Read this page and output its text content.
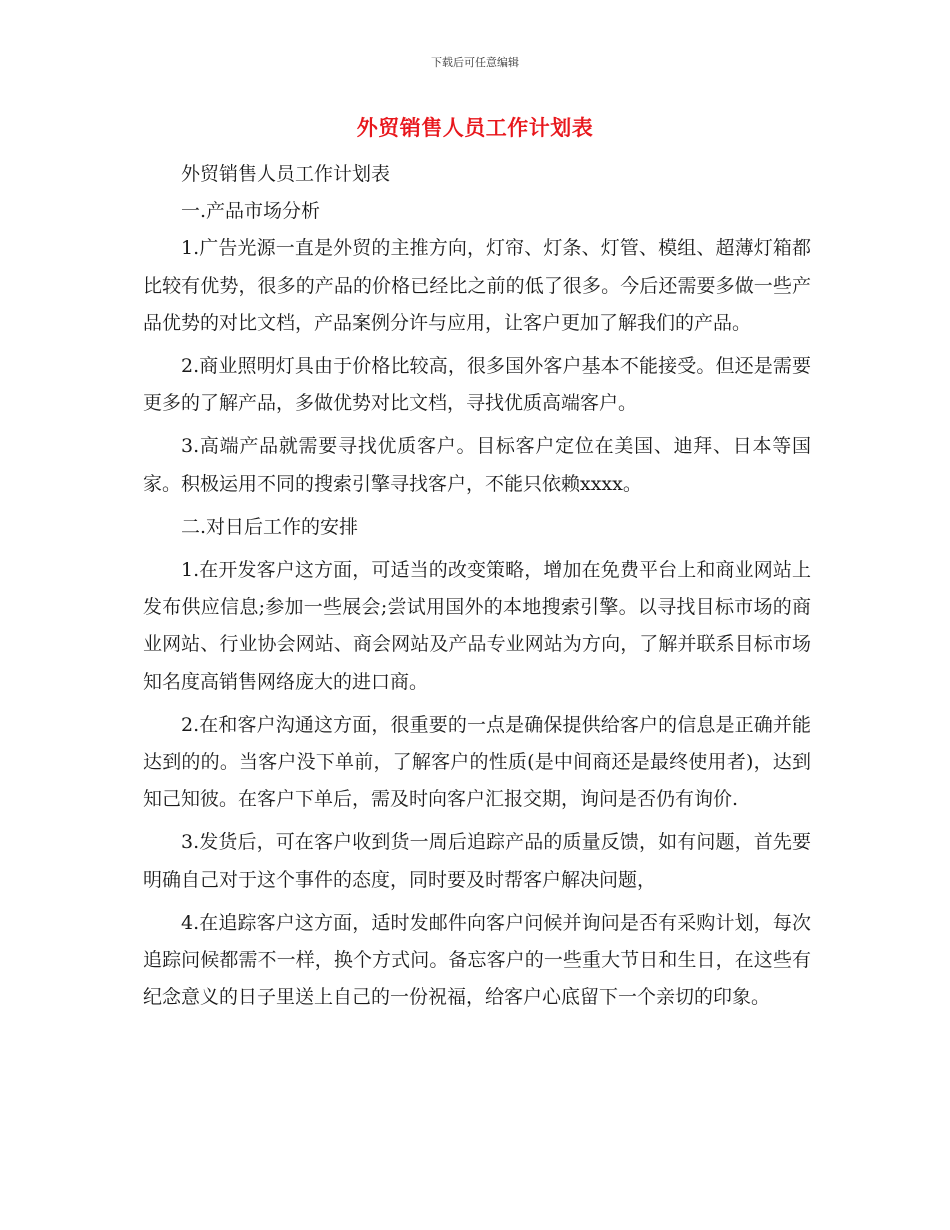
下载后可任意编辑
外贸销售人员工作计划表

外贸销售人员工作计划表

一.产品市场分析

1.广告光源一直是外贸的主推方向，灯帘、灯条、灯管、模组、超薄灯箱都比较有优势，很多的产品的价格已经比之前的低了很多。今后还需要多做一些产品优势的对比文档，产品案例分许与应用，让客户更加了解我们的产品。

2.商业照明灯具由于价格比较高，很多国外客户基本不能接受。但还是需要更多的了解产品，多做优势对比文档，寻找优质高端客户。

3.高端产品就需要寻找优质客户。目标客户定位在美国、迪拜、日本等国家。积极运用不同的搜索引擎寻找客户，不能只依赖xxxx。

二.对日后工作的安排

1.在开发客户这方面，可适当的改变策略，增加在免费平台上和商业网站上发布供应信息;参加一些展会;尝试用国外的本地搜索引擎。以寻找目标市场的商业网站、行业协会网站、商会网站及产品专业网站为方向，了解并联系目标市场知名度高销售网络庞大的进口商。

2.在和客户沟通这方面，很重要的一点是确保提供给客户的信息是正确并能达到的的。当客户没下单前，了解客户的性质(是中间商还是最终使用者)，达到知己知彼。在客户下单后，需及时向客户汇报交期，询问是否仍有询价.

3.发货后，可在客户收到货一周后追踪产品的质量反馈，如有问题，首先要明确自己对于这个事件的态度，同时要及时帮客户解决问题，

4.在追踪客户这方面，适时发邮件向客户问候并询问是否有采购计划，每次追踪问候都需不一样，换个方式问。备忘客户的一些重大节日和生日，在这些有纪念意义的日子里送上自己的一份祝福，给客户心底留下一个亲切的印象。
